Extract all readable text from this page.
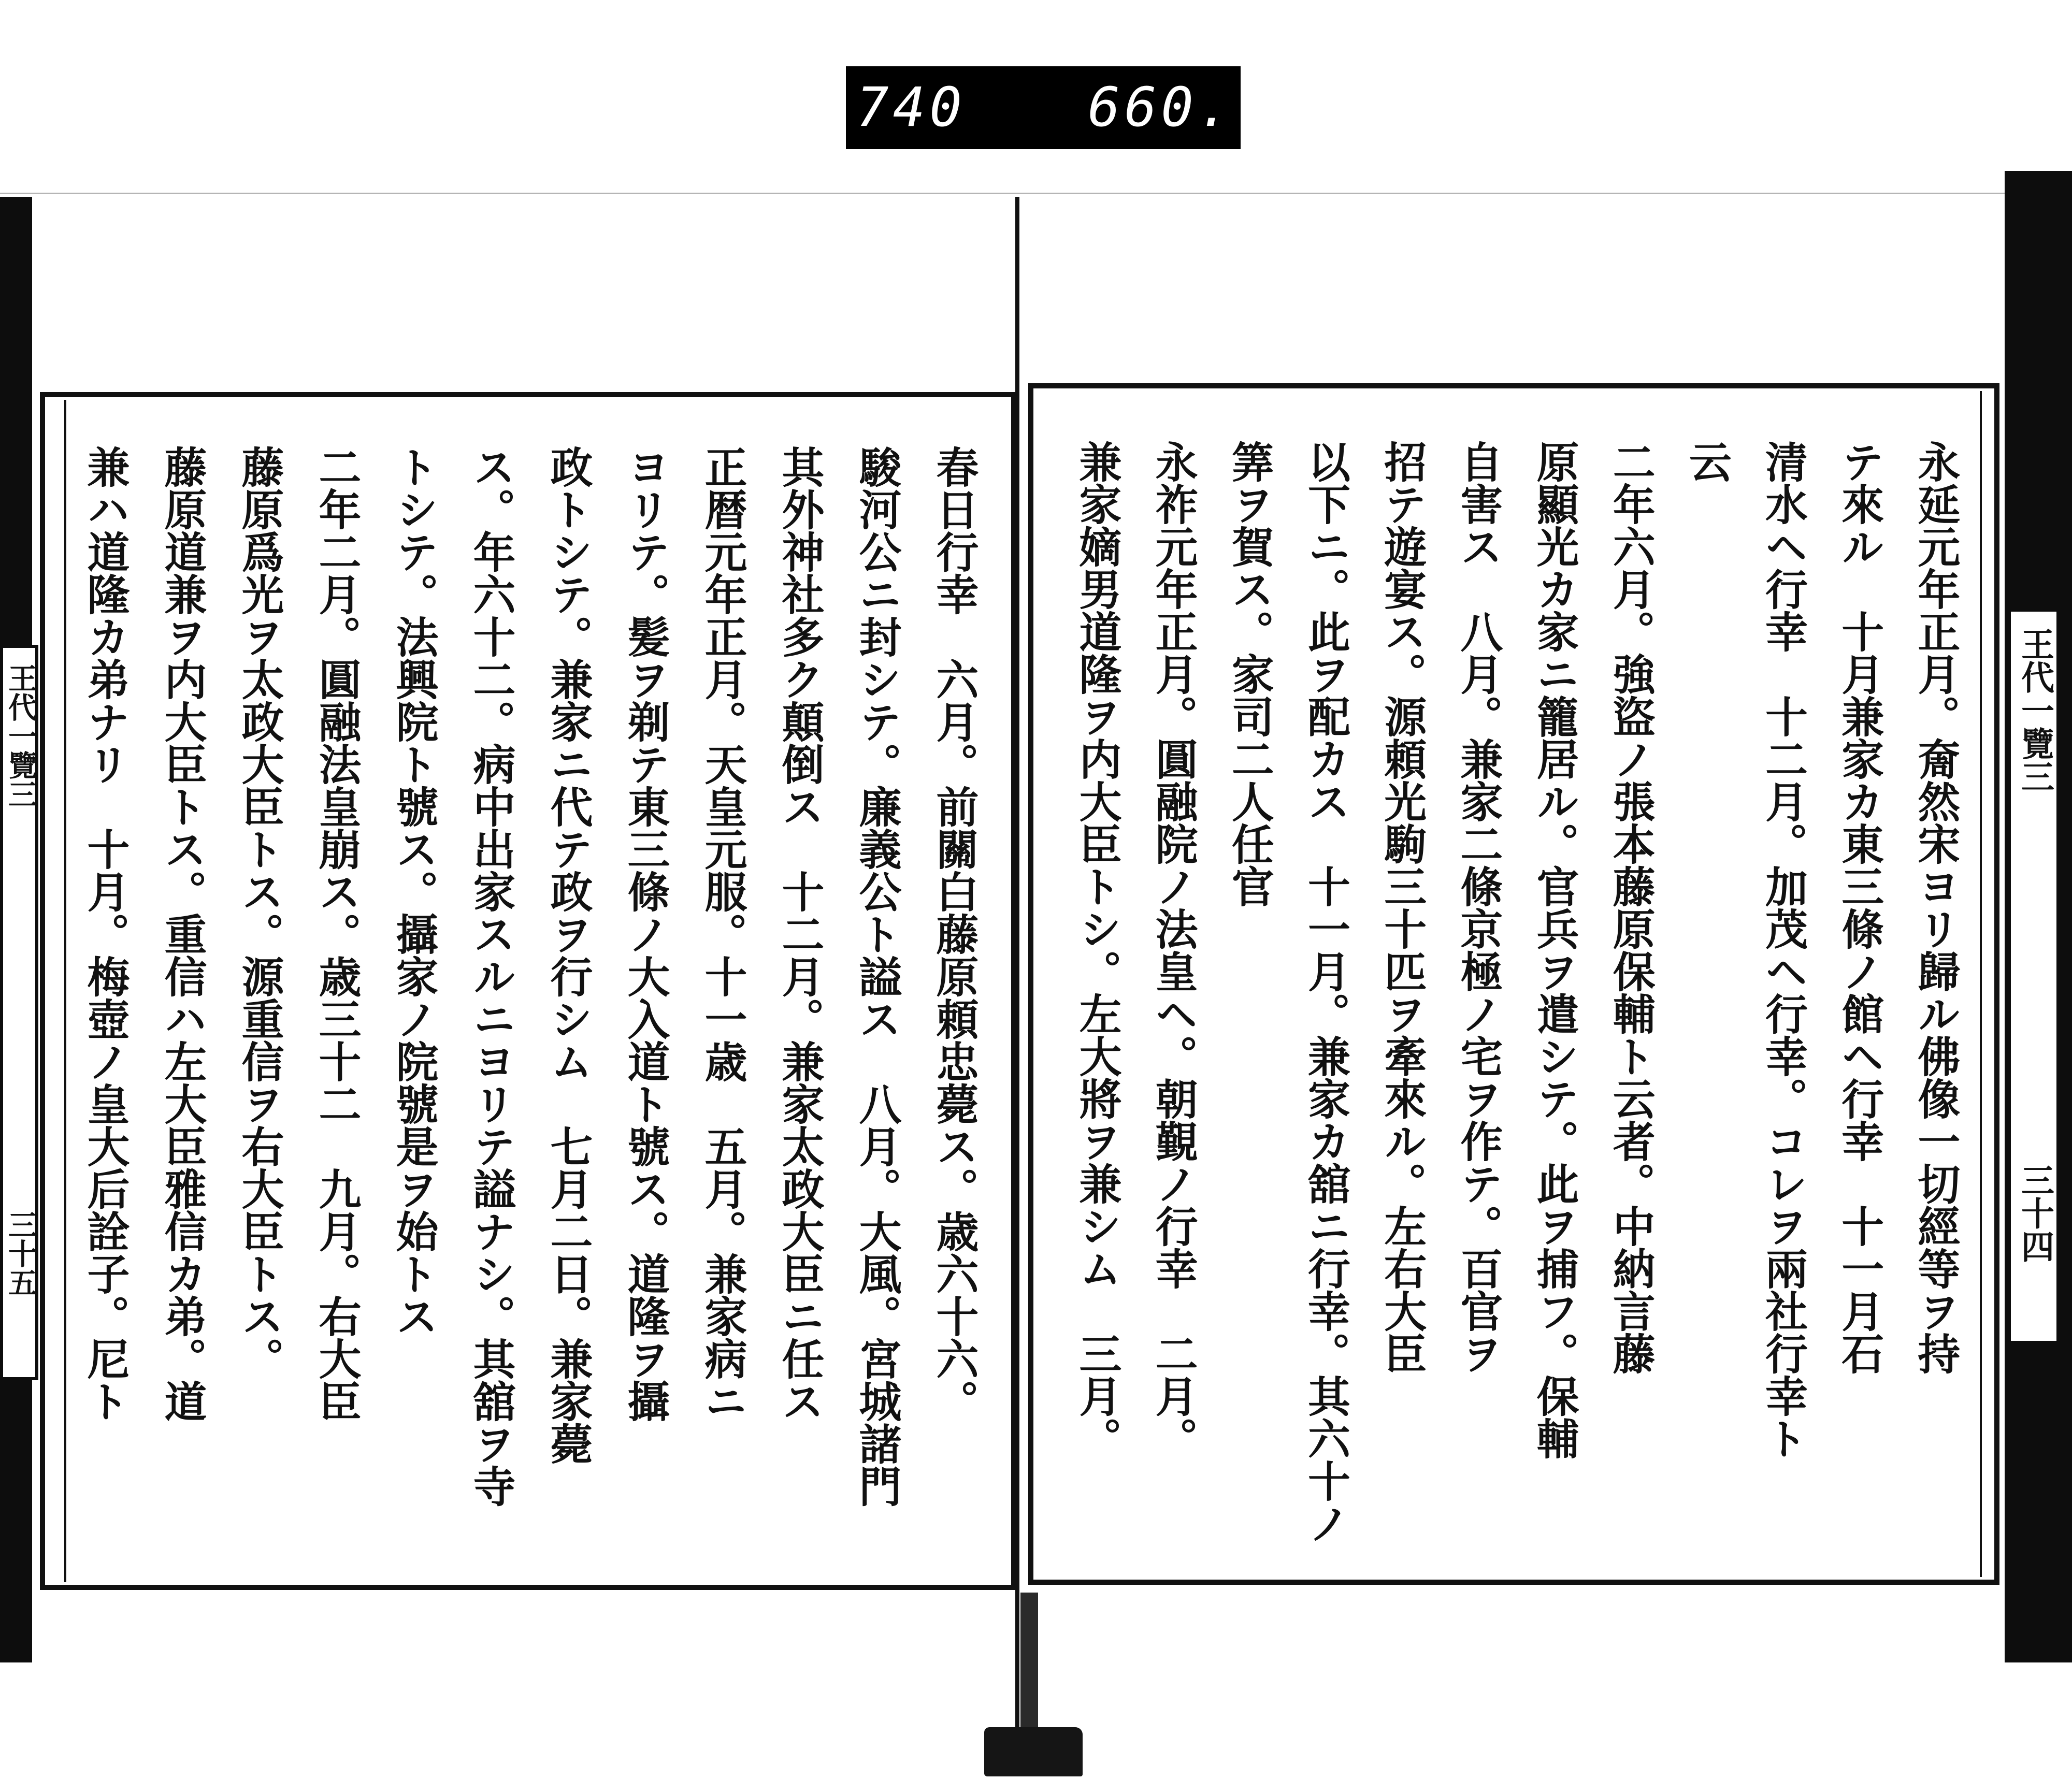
740 660.
王代一覽三
三十五
王代一覽三
三十四
永延元年正月。奝然宋ヨリ歸ル佛像一切經等ヲ持
テ來ル　十月兼家カ東三條ノ館ヘ行幸　十一月石
清水ヘ行幸　十二月。加茂ヘ行幸。コレヲ兩社行幸ト
云
二年六月。強盜ノ張本藤原保輔ト云者。中納言藤
原顯光カ家ニ籠居ル。官兵ヲ遣シテ。此ヲ捕フ。保輔
自害ス　八月。兼家二條京極ノ宅ヲ作テ。百官ヲ
招テ遊宴ス。源頼光駒三十匹ヲ牽來ル。左右大臣
以下ニ。此ヲ配カス　十一月。兼家カ舘ニ行幸。其六十ノ
筭ヲ賀ス。家司二人任官
永祚元年正月。圓融院ノ法皇ヘ。朝覲ノ行幸　二月。
兼家嫡男道隆ヲ内大臣トシ。左大將ヲ兼シム　三月。
春日行幸　六月。前關白藤原頼忠薨ス。歳六十六。
駿河公ニ封シテ。廉義公ト謚ス　八月。大風。宮城諸門
其外神社多ク顛倒ス　十二月。兼家太政大臣ニ任ス
正暦元年正月。天皇元服。十一歳　五月。兼家病ニ
ヨリテ。髪ヲ剃テ東三條ノ大入道ト號ス。道隆ヲ攝
政トシテ。兼家ニ代テ政ヲ行シム　七月二日。兼家薨
ス。年六十二。病中出家スルニヨリテ謚ナシ。其舘ヲ寺
トシテ。法興院ト號ス。攝家ノ院號是ヲ始トス
二年二月。圓融法皇崩ス。歳三十二　九月。右大臣
藤原爲光ヲ太政大臣トス。源重信ヲ右大臣トス。
藤原道兼ヲ内大臣トス。重信ハ左大臣雅信カ弟。道
兼ハ道隆カ弟ナリ　十月。梅壺ノ皇大后詮子。尼ト
